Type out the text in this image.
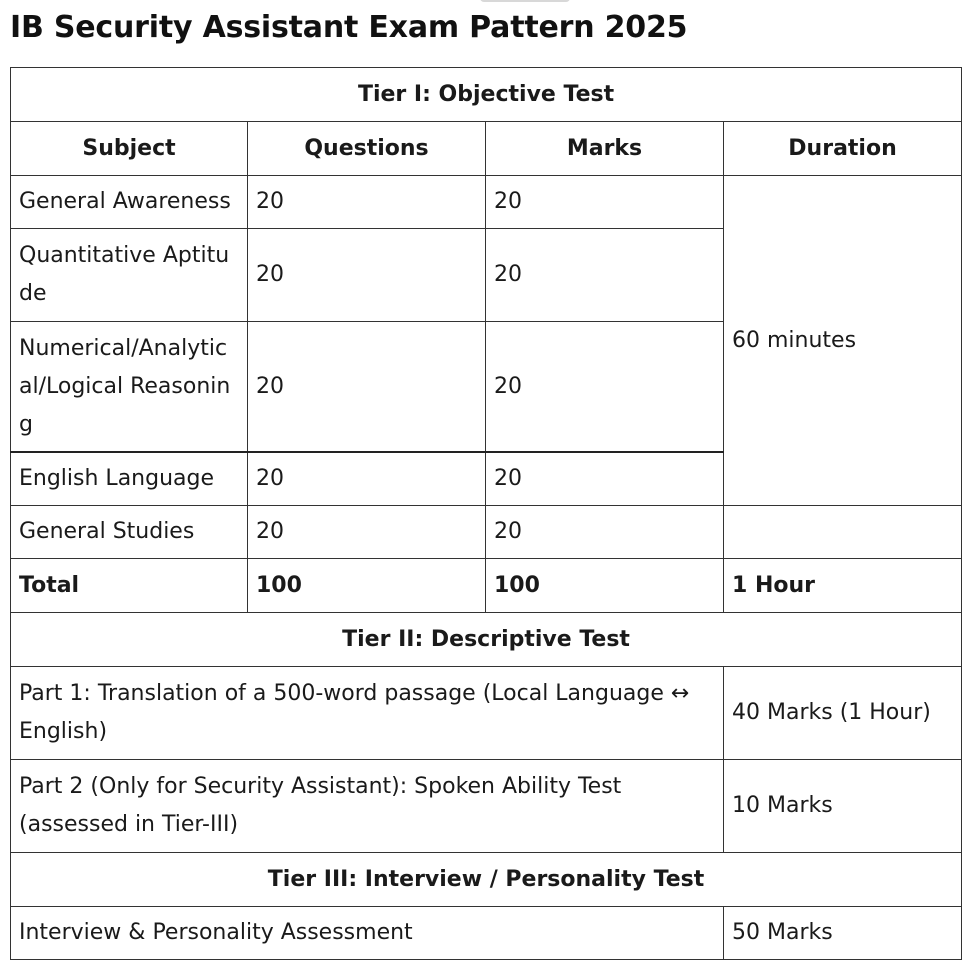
IB Security Assistant Exam Pattern 2025
Tier I: Objective Test			
Subject	Questions	Marks	Duration
General Awareness	20	20	60 minutes
Quantitative Aptitude	20	20	
Numerical/Analytical/Logical Reasoning	20	20	
English Language	20	20	
General Studies	20	20	
Total	100	100	1 Hour
Tier II: Descriptive Test			
Part 1: Translation of a 500-word passage (Local Language ↔ English)			40 Marks (1 Hour)
Part 2 (Only for Security Assistant): Spoken Ability Test (assessed in Tier-III)			10 Marks
Tier III: Interview / Personality Test			
Interview & Personality Assessment			50 Marks
